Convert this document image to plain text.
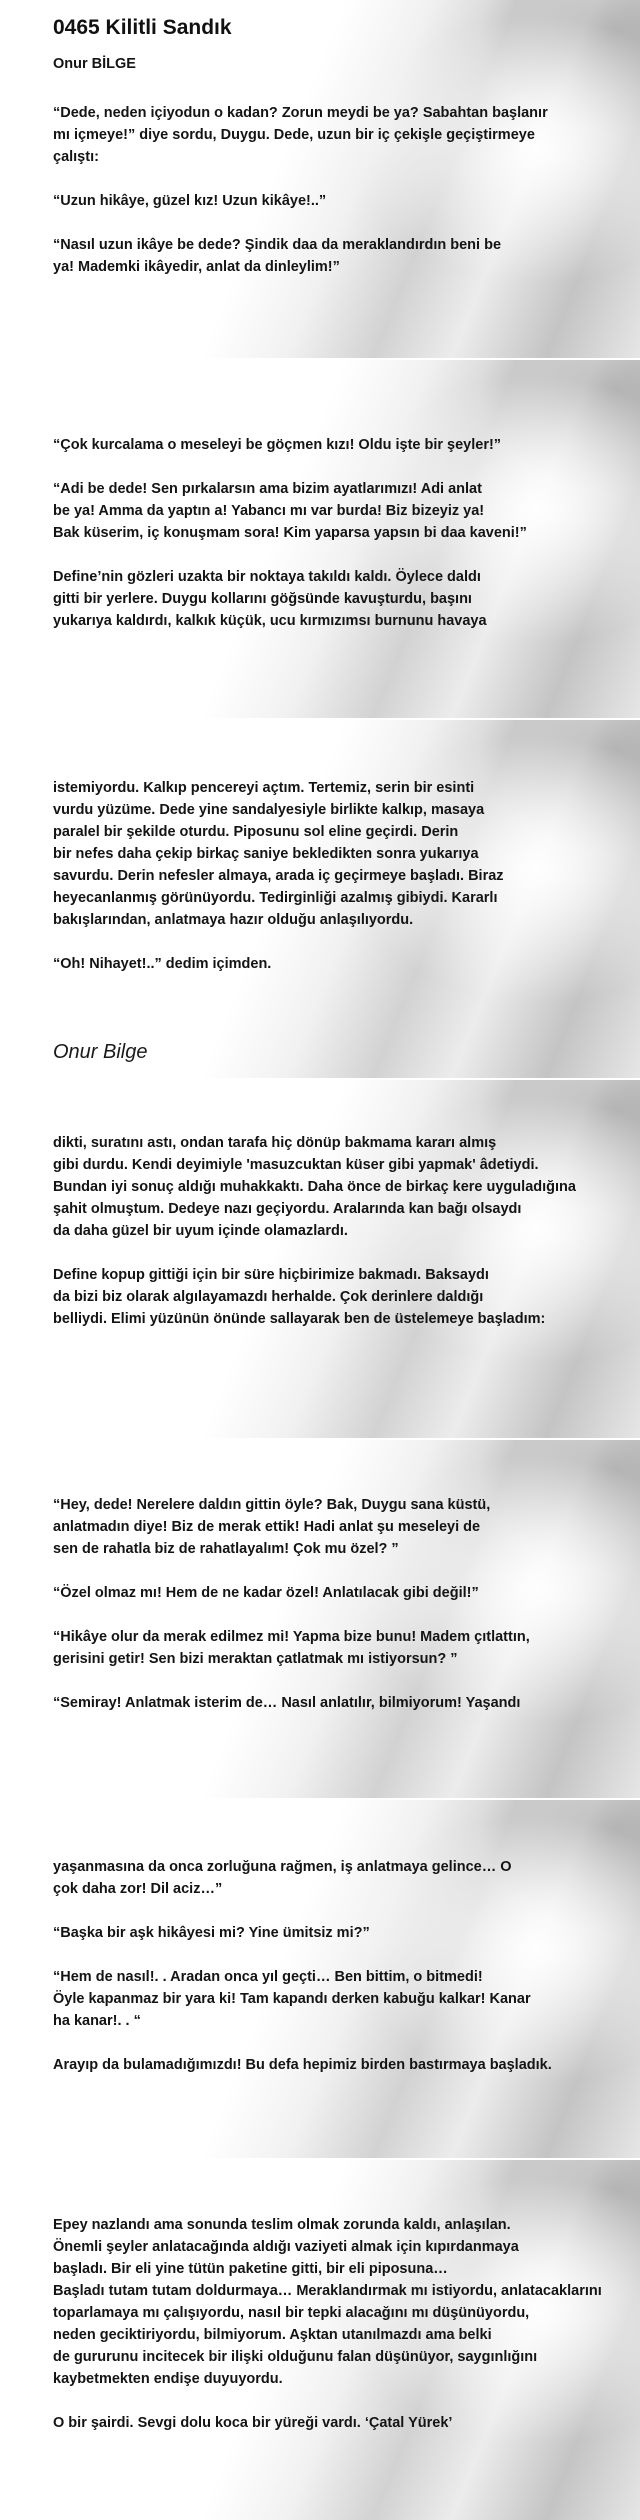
0465 Kilitli Sandık
Onur BİLGE
“Dede, neden içiyodun o kadan? Zorun meydi be ya? Sabahtan başlanır
mı içmeye!” diye sordu, Duygu. Dede, uzun bir iç çekişle geçiştirmeye
çalıştı:
“Uzun hikâye, güzel kız! Uzun kikâye!..”
“Nasıl uzun ikâye be dede? Şindik daa da meraklandırdın beni be
ya! Mademki ikâyedir, anlat da dinleylim!”
“Çok kurcalama o meseleyi be göçmen kızı! Oldu işte bir şeyler!”
“Adi be dede! Sen pırkalarsın ama bizim ayatlarımızı! Adi anlat
be ya! Amma da yaptın a! Yabancı mı var burda! Biz bizeyiz ya!
Bak küserim, iç konuşmam sora! Kim yaparsa yapsın bi daa kaveni!”
Define’nin gözleri uzakta bir noktaya takıldı kaldı. Öylece daldı
gitti bir yerlere. Duygu kollarını göğsünde kavuşturdu, başını
yukarıya kaldırdı, kalkık küçük, ucu kırmızımsı burnunu havaya
istemiyordu. Kalkıp pencereyi açtım. Tertemiz, serin bir esinti
vurdu yüzüme. Dede yine sandalyesiyle birlikte kalkıp, masaya
paralel bir şekilde oturdu. Piposunu sol eline geçirdi. Derin
bir nefes daha çekip birkaç saniye bekledikten sonra yukarıya
savurdu. Derin nefesler almaya, arada iç geçirmeye başladı. Biraz
heyecanlanmış görünüyordu. Tedirginliği azalmış gibiydi. Kararlı
bakışlarından, anlatmaya hazır olduğu anlaşılıyordu.
“Oh! Nihayet!..” dedim içimden.
Onur Bilge
dikti, suratını astı, ondan tarafa hiç dönüp bakmama kararı almış
gibi durdu. Kendi deyimiyle 'masuzcuktan küser gibi yapmak' âdetiydi.
Bundan iyi sonuç aldığı muhakkaktı. Daha önce de birkaç kere uyguladığına
şahit olmuştum. Dedeye nazı geçiyordu. Aralarında kan bağı olsaydı
da daha güzel bir uyum içinde olamazlardı.
Define kopup gittiği için bir süre hiçbirimize bakmadı. Baksaydı
da bizi biz olarak algılayamazdı herhalde. Çok derinlere daldığı
belliydi. Elimi yüzünün önünde sallayarak ben de üstelemeye başladım:
“Hey, dede! Nerelere daldın gittin öyle? Bak, Duygu sana küstü,
anlatmadın diye! Biz de merak ettik! Hadi anlat şu meseleyi de
sen de rahatla biz de rahatlayalım! Çok mu özel? ”
“Özel olmaz mı! Hem de ne kadar özel! Anlatılacak gibi değil!”
“Hikâye olur da merak edilmez mi! Yapma bize bunu! Madem çıtlattın,
gerisini getir! Sen bizi meraktan çatlatmak mı istiyorsun? ”
“Semiray! Anlatmak isterim de… Nasıl anlatılır, bilmiyorum! Yaşandı
yaşanmasına da onca zorluğuna rağmen, iş anlatmaya gelince… O
çok daha zor! Dil aciz…”
“Başka bir aşk hikâyesi mi? Yine ümitsiz mi?”
“Hem de nasıl!. . Aradan onca yıl geçti… Ben bittim, o bitmedi!
Öyle kapanmaz bir yara ki! Tam kapandı derken kabuğu kalkar! Kanar
ha kanar!. . “
Arayıp da bulamadığımızdı! Bu defa hepimiz birden bastırmaya başladık.
Epey nazlandı ama sonunda teslim olmak zorunda kaldı, anlaşılan.
Önemli şeyler anlatacağında aldığı vaziyeti almak için kıpırdanmaya
başladı. Bir eli yine tütün paketine gitti, bir eli piposuna…
Başladı tutam tutam doldurmaya… Meraklandırmak mı istiyordu, anlatacaklarını
toparlamaya mı çalışıyordu, nasıl bir tepki alacağını mı düşünüyordu,
neden geciktiriyordu, bilmiyorum. Aşktan utanılmazdı ama belki
de gururunu incitecek bir ilişki olduğunu falan düşünüyor, saygınlığını
kaybetmekten endişe duyuyordu.
O bir şairdi. Sevgi dolu koca bir yüreği vardı. ‘Çatal Yürek’
